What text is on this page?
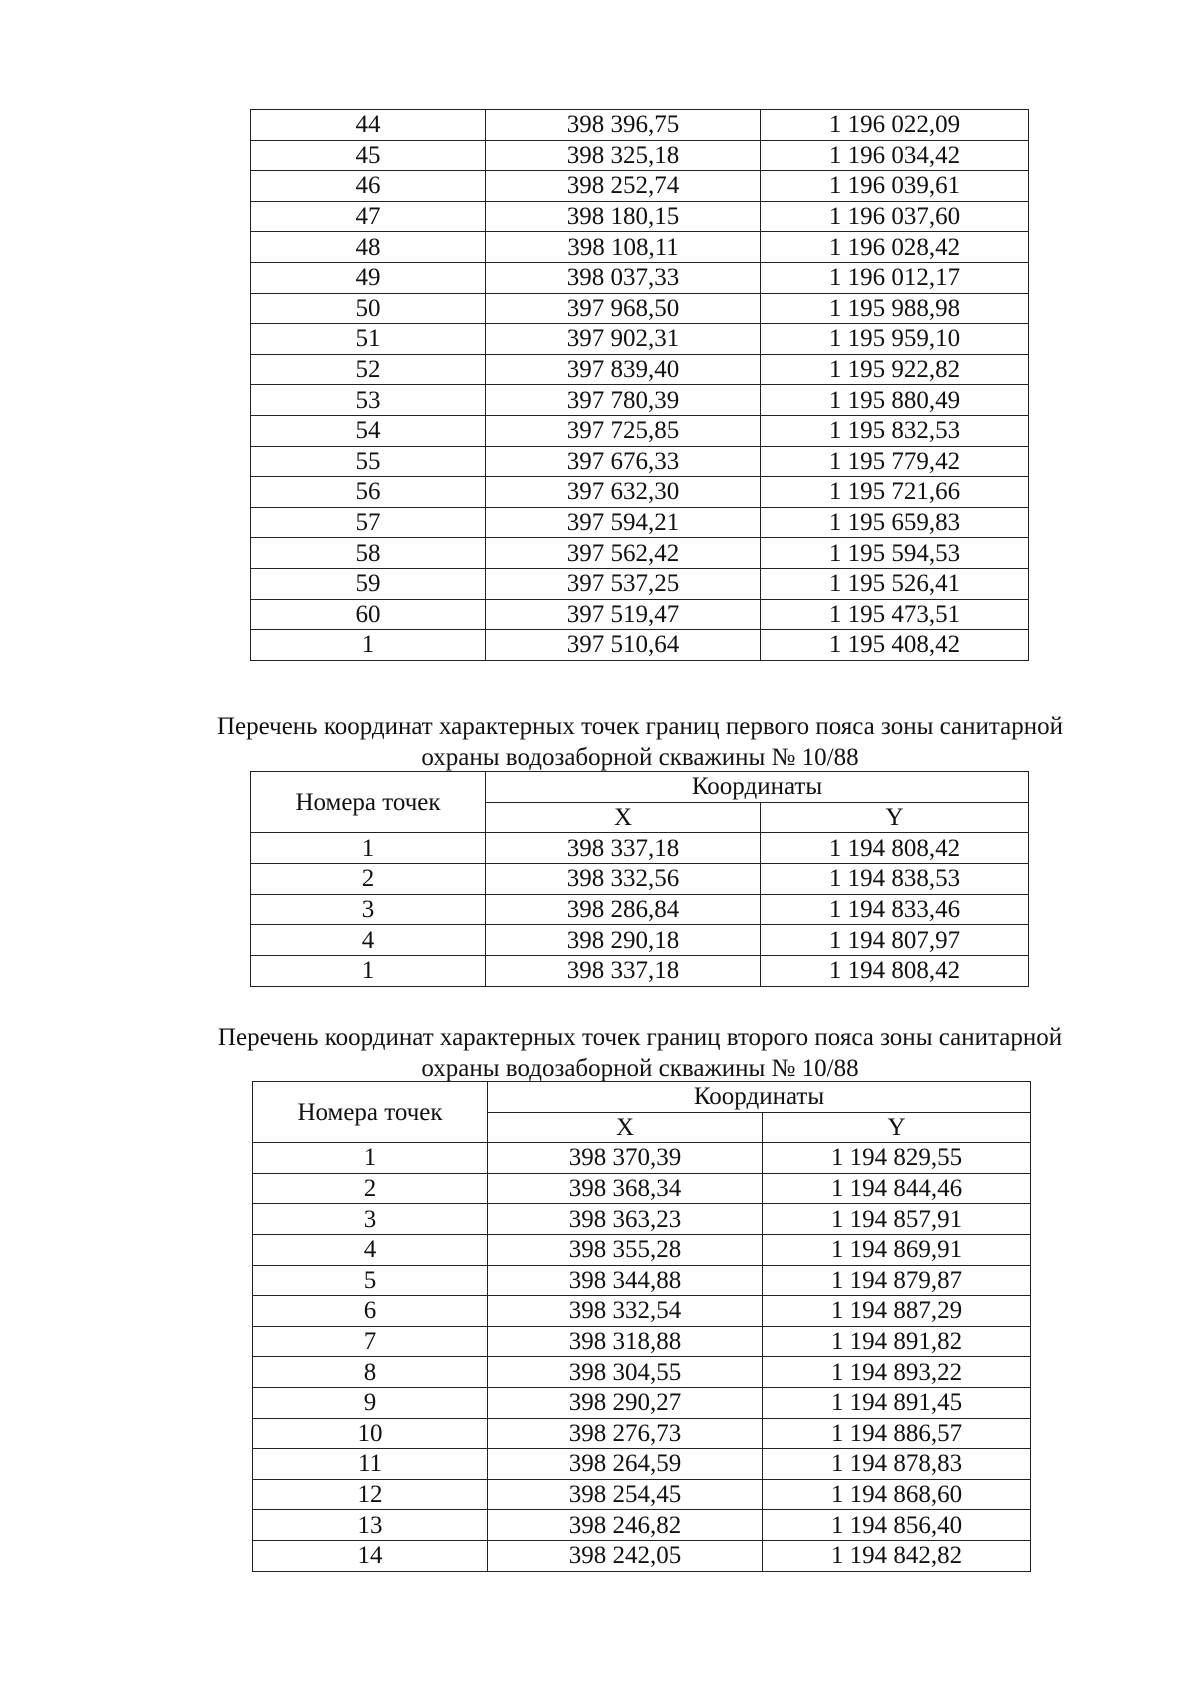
44	398 396,75	1 196 022,09
45	398 325,18	1 196 034,42
46	398 252,74	1 196 039,61
47	398 180,15	1 196 037,60
48	398 108,11	1 196 028,42
49	398 037,33	1 196 012,17
50	397 968,50	1 195 988,98
51	397 902,31	1 195 959,10
52	397 839,40	1 195 922,82
53	397 780,39	1 195 880,49
54	397 725,85	1 195 832,53
55	397 676,33	1 195 779,42
56	397 632,30	1 195 721,66
57	397 594,21	1 195 659,83
58	397 562,42	1 195 594,53
59	397 537,25	1 195 526,41
60	397 519,47	1 195 473,51
1	397 510,64	1 195 408,42
Перечень координат характерных точек границ первого пояса зоны санитарной
охраны водозаборной скважины № 10/88
Номера точек	Координаты	
	X	Y
1	398 337,18	1 194 808,42
2	398 332,56	1 194 838,53
3	398 286,84	1 194 833,46
4	398 290,18	1 194 807,97
1	398 337,18	1 194 808,42
Перечень координат характерных точек границ второго пояса зоны санитарной
охраны водозаборной скважины № 10/88
Номера точек	Координаты	
	X	Y
1	398 370,39	1 194 829,55
2	398 368,34	1 194 844,46
3	398 363,23	1 194 857,91
4	398 355,28	1 194 869,91
5	398 344,88	1 194 879,87
6	398 332,54	1 194 887,29
7	398 318,88	1 194 891,82
8	398 304,55	1 194 893,22
9	398 290,27	1 194 891,45
10	398 276,73	1 194 886,57
11	398 264,59	1 194 878,83
12	398 254,45	1 194 868,60
13	398 246,82	1 194 856,40
14	398 242,05	1 194 842,82
